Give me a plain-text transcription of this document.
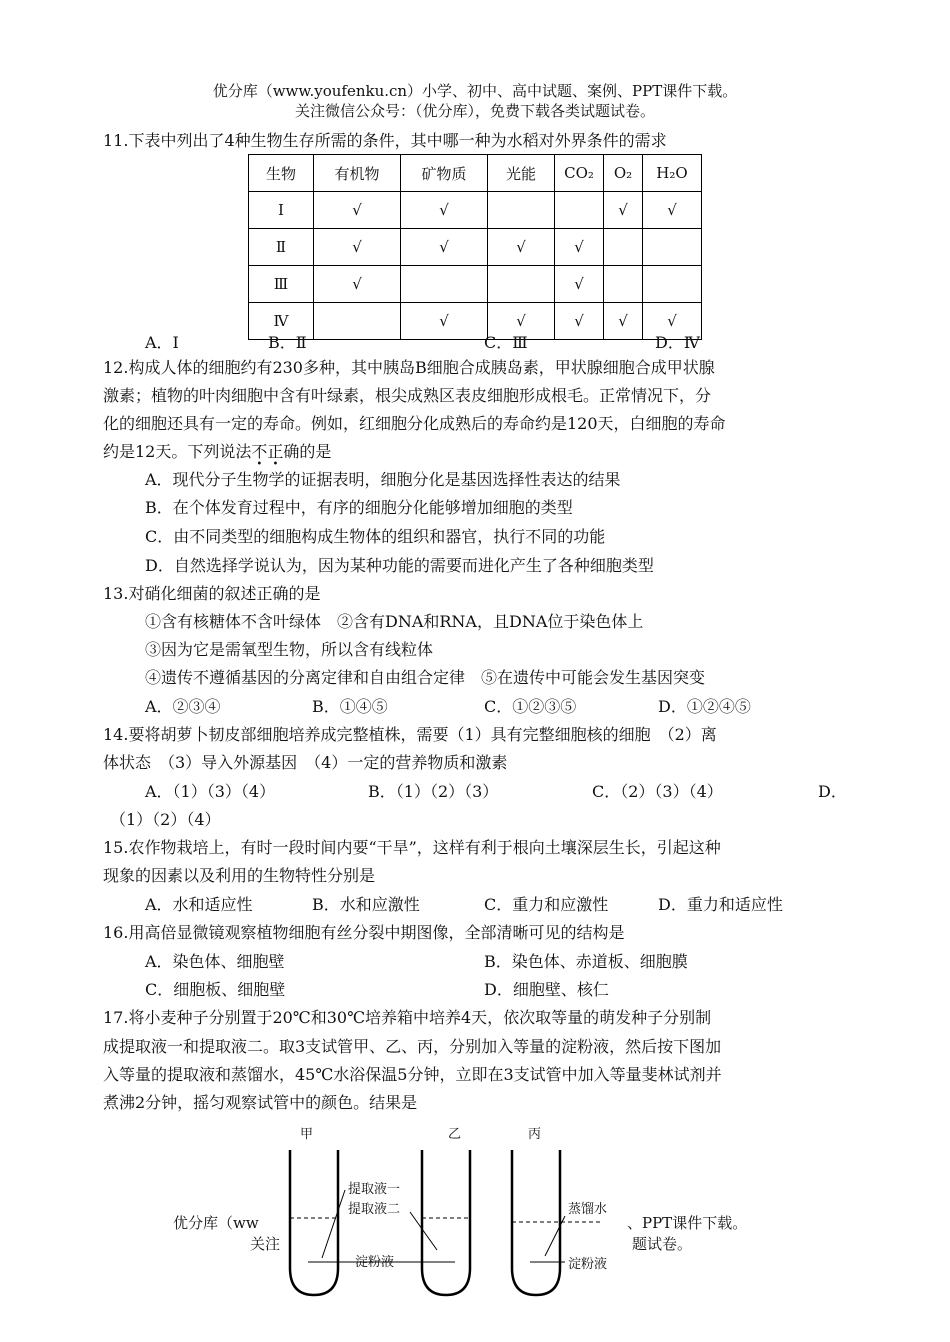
优分库（www.youfenku.cn）小学、初中、高中试题、案例、PPT课件下载。
关注微信公众号：（优分库），免费下载各类试题试卷。
11.下表中列出了4种生物生存所需的条件，其中哪一种为水稻对外界条件的需求
生物	有机物	矿物质	光能	CO₂	O₂	H₂O
Ⅰ	√	√			√	√
Ⅱ	√	√	√	√		
Ⅲ	√			√		
Ⅳ		√	√	√	√	√
A．Ⅰ	B．Ⅱ	C．Ⅲ	D．Ⅳ
12.构成人体的细胞约有230多种，其中胰岛B细胞合成胰岛素，甲状腺细胞合成甲状腺
激素；植物的叶肉细胞中含有叶绿素，根尖成熟区表皮细胞形成根毛。正常情况下，分
化的细胞还具有一定的寿命。例如，红细胞分化成熟后的寿命约是120天，白细胞的寿命
约是12天。下列说法不正确的是
A．现代分子生物学的证据表明，细胞分化是基因选择性表达的结果
B．在个体发育过程中，有序的细胞分化能够增加细胞的类型
C．由不同类型的细胞构成生物体的组织和器官，执行不同的功能
D．自然选择学说认为，因为某种功能的需要而进化产生了各种细胞类型
13.对硝化细菌的叙述正确的是
①含有核糖体不含叶绿体　②含有DNA和RNA，且DNA位于染色体上
③因为它是需氧型生物，所以含有线粒体
④遗传不遵循基因的分离定律和自由组合定律　⑤在遗传中可能会发生基因突变
A．②③④	B．①④⑤	C．①②③⑤	D．①②④⑤
14.要将胡萝卜韧皮部细胞培养成完整植株，需要（1）具有完整细胞核的细胞　（2）离
体状态　（3）导入外源基因　（4）一定的营养物质和激素
A．（1）（3）（4）	B．（1）（2）（3）	C．（2）（3）（4）	D．
（1）（2）（4）
15.农作物栽培上，有时一段时间内要“干旱”，这样有利于根向土壤深层生长，引起这种
现象的因素以及利用的生物特性分别是
A．水和适应性	B．水和应激性	C．重力和应激性	D．重力和适应性
16.用高倍显微镜观察植物细胞有丝分裂中期图像，全部清晰可见的结构是
A．染色体、细胞壁	B．染色体、赤道板、细胞膜
C．细胞板、细胞壁	D．细胞壁、核仁
17.将小麦种子分别置于20℃和30℃培养箱中培养4天，依次取等量的萌发种子分别制
成提取液一和提取液二。取3支试管甲、乙、丙，分别加入等量的淀粉液，然后按下图加
入等量的提取液和蒸馏水，45℃水浴保温5分钟，立即在3支试管中加入等量斐林试剂并
煮沸2分钟，摇匀观察试管中的颜色。结果是
甲
提取液一
乙
提取液二
淀粉液
丙
蒸馏水
淀粉液
优分库（ww
关注
、PPT课件下载。
题试卷。
